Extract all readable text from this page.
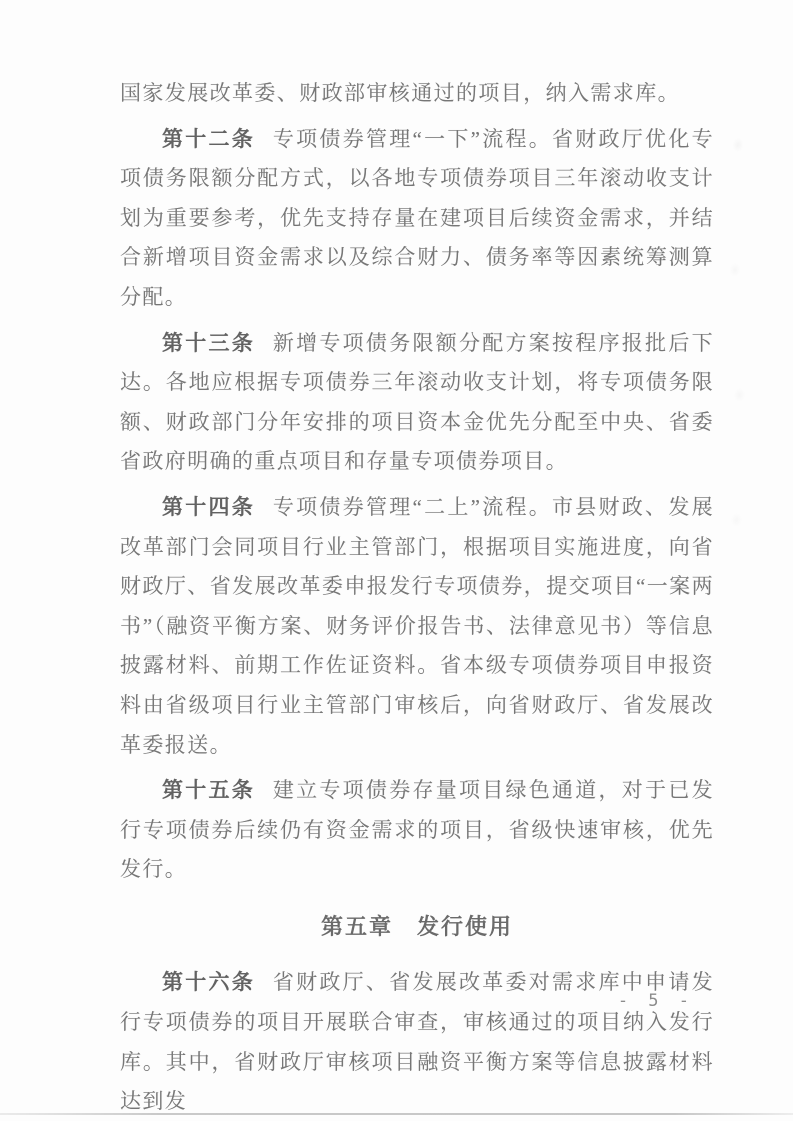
国家发展改革委、财政部审核通过的项目，纳入需求库。

第十二条 专项债券管理“一下”流程。省财政厅优化专项债务限额分配方式，以各地专项债券项目三年滚动收支计划为重要参考，优先支持存量在建项目后续资金需求，并结合新增项目资金需求以及综合财力、债务率等因素统筹测算分配。

第十三条 新增专项债务限额分配方案按程序报批后下达。各地应根据专项债券三年滚动收支计划，将专项债务限额、财政部门分年安排的项目资本金优先分配至中央、省委省政府明确的重点项目和存量专项债券项目。

第十四条 专项债券管理“二上”流程。市县财政、发展改革部门会同项目行业主管部门，根据项目实施进度，向省财政厅、省发展改革委申报发行专项债券，提交项目“一案两书”（融资平衡方案、财务评价报告书、法律意见书）等信息披露材料、前期工作佐证资料。省本级专项债券项目申报资料由省级项目行业主管部门审核后，向省财政厅、省发展改革委报送。

第十五条 建立专项债券存量项目绿色通道，对于已发行专项债券后续仍有资金需求的项目，省级快速审核，优先发行。

第五章　发行使用

第十六条 省财政厅、省发展改革委对需求库中申请发行专项债券的项目开展联合审查，审核通过的项目纳入发行库。其中，省财政厅审核项目融资平衡方案等信息披露材料达到发

- 5 -
